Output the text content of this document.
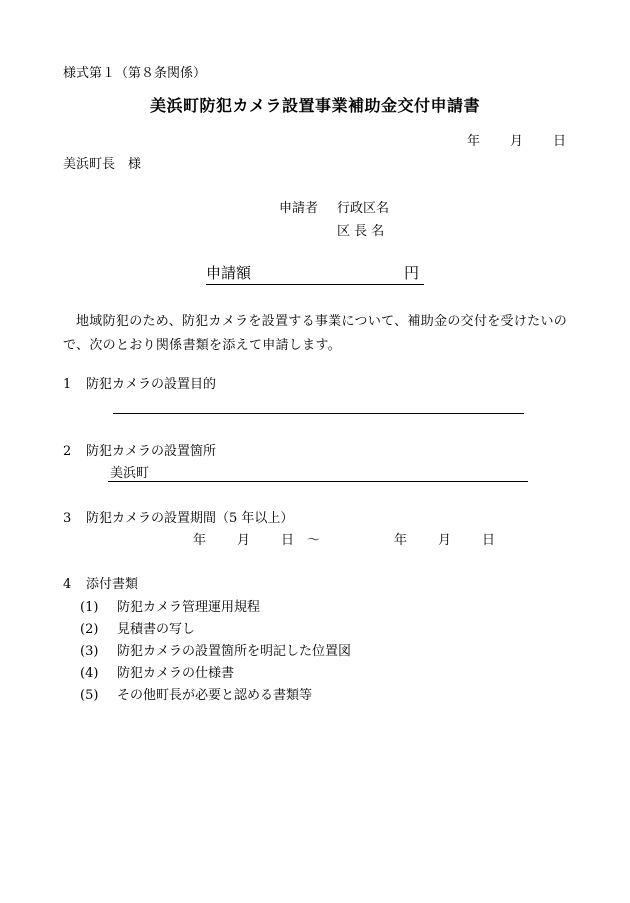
様式第１（第８条関係）
美浜町防犯カメラ設置事業補助金交付申請書
年 月 日
美浜町長　様
申請者 行政区名
区 長 名
申請額	円
地域防犯のため、防犯カメラを設置する事業について、補助金の交付を受けたいので、次のとおり関係書類を添えて申請します。
1 防犯カメラの設置目的
2 防犯カメラの設置箇所
美浜町
3 防犯カメラの設置期間（5 年以上）
年 月 日 ～	年 月 日
4 添付書類
(1) 防犯カメラ管理運用規程
(2) 見積書の写し
(3) 防犯カメラの設置箇所を明記した位置図
(4) 防犯カメラの仕様書
(5) その他町長が必要と認める書類等
